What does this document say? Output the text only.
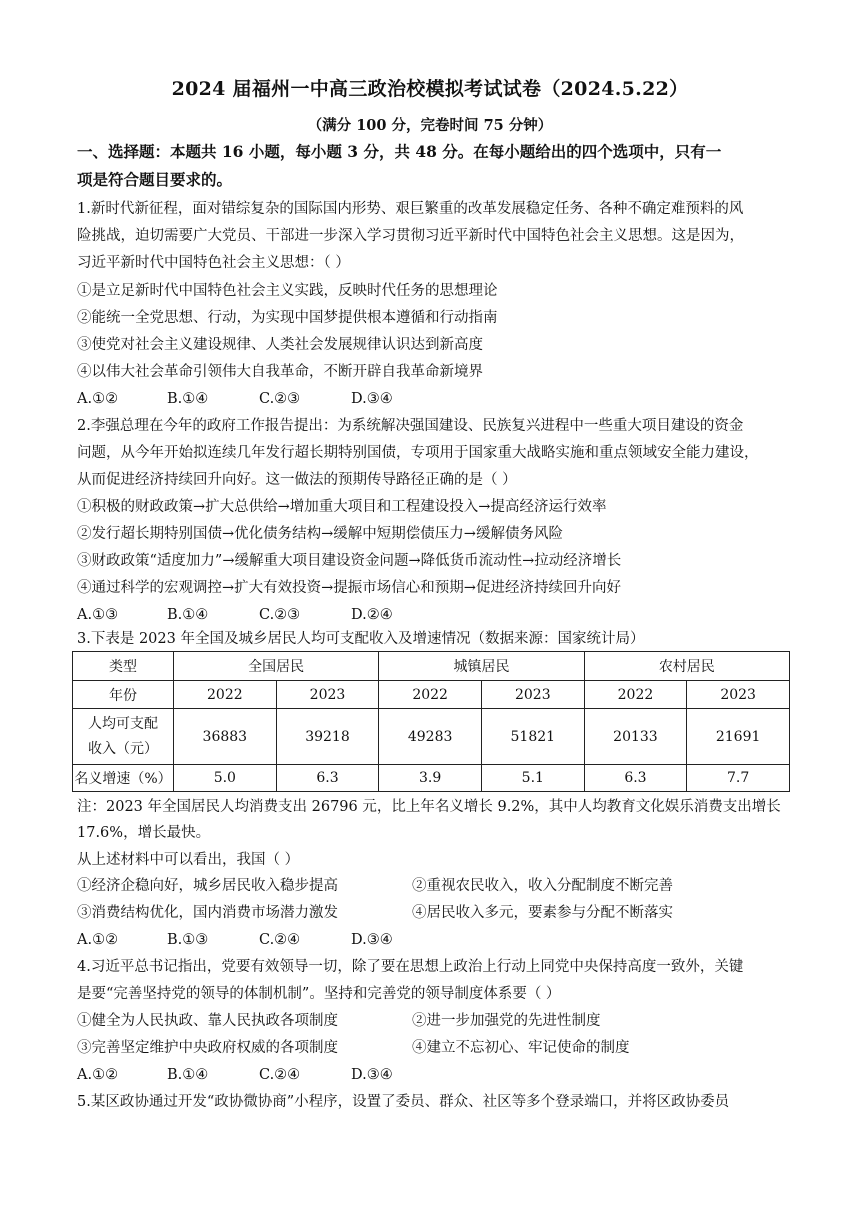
2024 届福州一中高三政治校模拟考试试卷（2024.5.22）
（满分 100 分，完卷时间 75 分钟）
一、选择题：本题共 16 小题，每小题 3 分，共 48 分。在每小题给出的四个选项中，只有一
项是符合题目要求的。
1.新时代新征程，面对错综复杂的国际国内形势、艰巨繁重的改革发展稳定任务、各种不确定难预料的风
险挑战，迫切需要广大党员、干部进一步深入学习贯彻习近平新时代中国特色社会主义思想。这是因为，
习近平新时代中国特色社会主义思想：（ ）
①是立足新时代中国特色社会主义实践，反映时代任务的思想理论
②能统一全党思想、行动，为实现中国梦提供根本遵循和行动指南
③使党对社会主义建设规律、人类社会发展规律认识达到新高度
④以伟大社会革命引领伟大自我革命，不断开辟自我革命新境界
A.①②	B.①④	C.②③	D.③④
2.李强总理在今年的政府工作报告提出：为系统解决强国建设、民族复兴进程中一些重大项目建设的资金
问题，从今年开始拟连续几年发行超长期特别国债，专项用于国家重大战略实施和重点领域安全能力建设，
从而促进经济持续回升向好。这一做法的预期传导路径正确的是（ ）
①积极的财政政策→扩大总供给→增加重大项目和工程建设投入→提高经济运行效率
②发行超长期特别国债→优化债务结构→缓解中短期偿债压力→缓解债务风险
③财政政策“适度加力”→缓解重大项目建设资金问题→降低货币流动性→拉动经济增长
④通过科学的宏观调控→扩大有效投资→提振市场信心和预期→促进经济持续回升向好
A.①③	B.①④	C.②③	D.②④
3.下表是 2023 年全国及城乡居民人均可支配收入及增速情况（数据来源：国家统计局）
类型	全国居民		城镇居民		农村居民	
年份	2022	2023	2022	2023	2022	2023

人均可支配
收入（元）	36883	39218	49283	51821	20133	21691
名义增速（%）	5.0	6.3	3.9	5.1	6.3	7.7
注：2023 年全国居民人均消费支出 26796 元，比上年名义增长 9.2%，其中人均教育文化娱乐消费支出增长
17.6%，增长最快。
从上述材料中可以看出，我国（ ）
①经济企稳向好，城乡居民收入稳步提高	②重视农民收入，收入分配制度不断完善
③消费结构优化，国内消费市场潜力激发	④居民收入多元，要素参与分配不断落实
A.①②	B.①③	C.②④	D.③④
4.习近平总书记指出，党要有效领导一切，除了要在思想上政治上行动上同党中央保持高度一致外，关键
是要“完善坚持党的领导的体制机制”。坚持和完善党的领导制度体系要（ ）
①健全为人民执政、靠人民执政各项制度	②进一步加强党的先进性制度
③完善坚定维护中央政府权威的各项制度	④建立不忘初心、牢记使命的制度
A.①②	B.①④	C.②④	D.③④
5.某区政协通过开发“政协微协商”小程序，设置了委员、群众、社区等多个登录端口，并将区政协委员
